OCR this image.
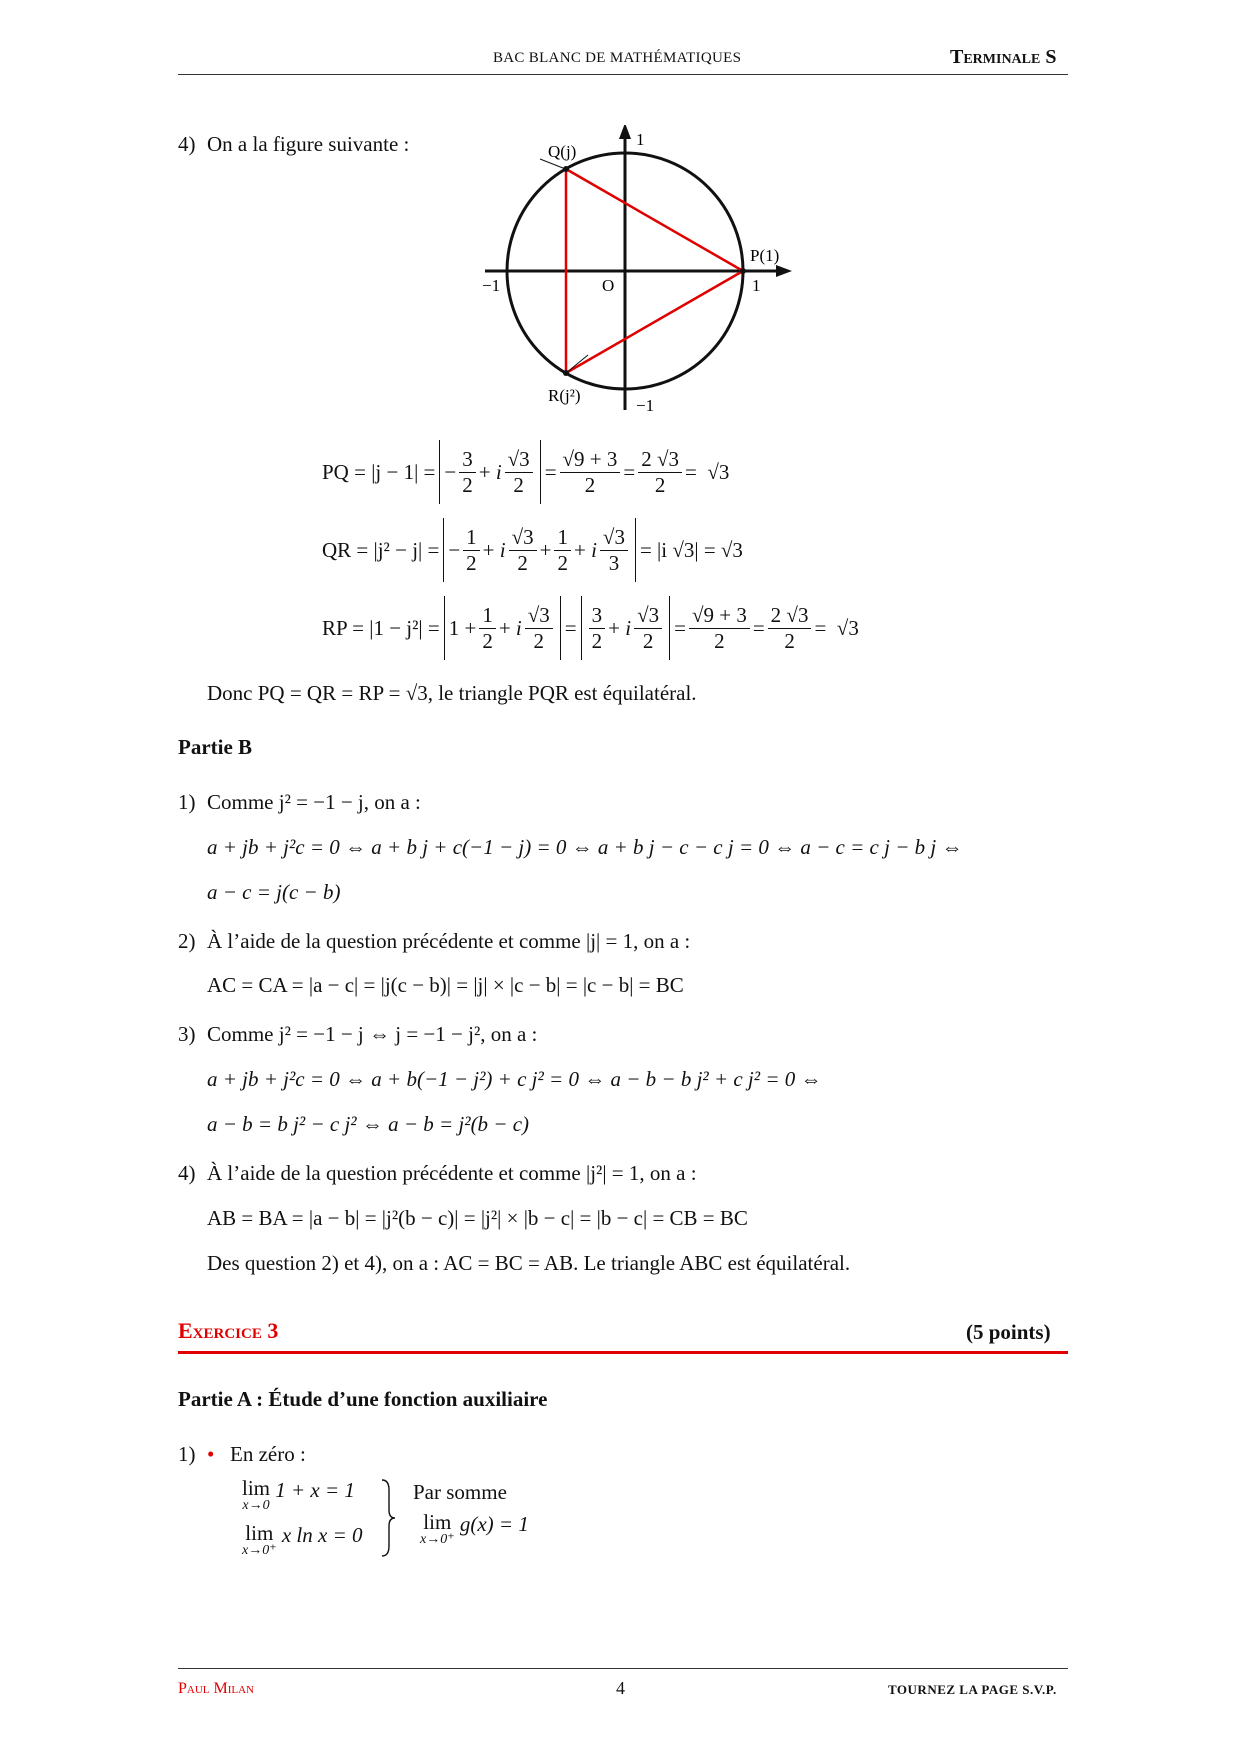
BAC BLANC DE MATHÉMATIQUES	Terminale S
4) On a la figure suivante :	Q(j)
P(1)
R(j²)
O
−1	1
1
−1
PQ = |j − 1| = − $\frac{3}{2} + i \frac{√3}{2} = \frac{√9 + 3}{2} = \frac{2 √3}{2} = √3$
QR = |j² − j| = − $\frac{1}{2} + i \frac{√3}{2} + \frac{1}{2} + i \frac{√3}{3} = |i$ √3| = √3
RP = $|1 - j^2| = 1 + \frac{1}{2} + i \frac{√3}{2} = \frac{3}{2} + i \frac{√3}{2} = \frac{√9 + 3}{2} = \frac{2 √3}{2} = √3$
Donc PQ = QR = RP = √3, le triangle PQR est équilatéral.
Partie B
1) Comme j² = −1 − j, on a :
a + jb + j²c = 0 ⇔ a + b j + c(−1 − j) = 0 ⇔ a + b j − c − c j = 0 ⇔ a − c = c j − b j ⇔
a − c = j(c − b)
2) À l’aide de la question précédente et comme |j| = 1, on a :
AC = CA = |a − c| = |j(c − b)| = |j| × |c − b| = |c − b| = BC
3) Comme j² = −1 − j ⇔ j = −1 − j², on a :
a + jb + j²c = 0 ⇔ a + b(−1 − j²) + c j² = 0 ⇔ a − b − b j² + c j² = 0 ⇔
a − b = b j² − c j² ⇔ a − b = j²(b − c)
4) À l’aide de la question précédente et comme |j²| = 1, on a :
AB = BA = |a − b| = |j²(b − c)| = |j²| × |b − c| = |b − c| = CB = BC
Des question 2) et 4), on a : AC = BC = AB. Le triangle ABC est équilatéral.
Exercice 3	(5 points)
Partie A : Étude d’une fonction auxiliaire
1) • En zéro :
lim
x→0
1 + x = 1
lim
x→0⁺
x ln x = 0
Par somme
lim
x→0⁺
g(x) = 1
Paul Milan	4	TOURNEZ LA PAGE S.V.P.
